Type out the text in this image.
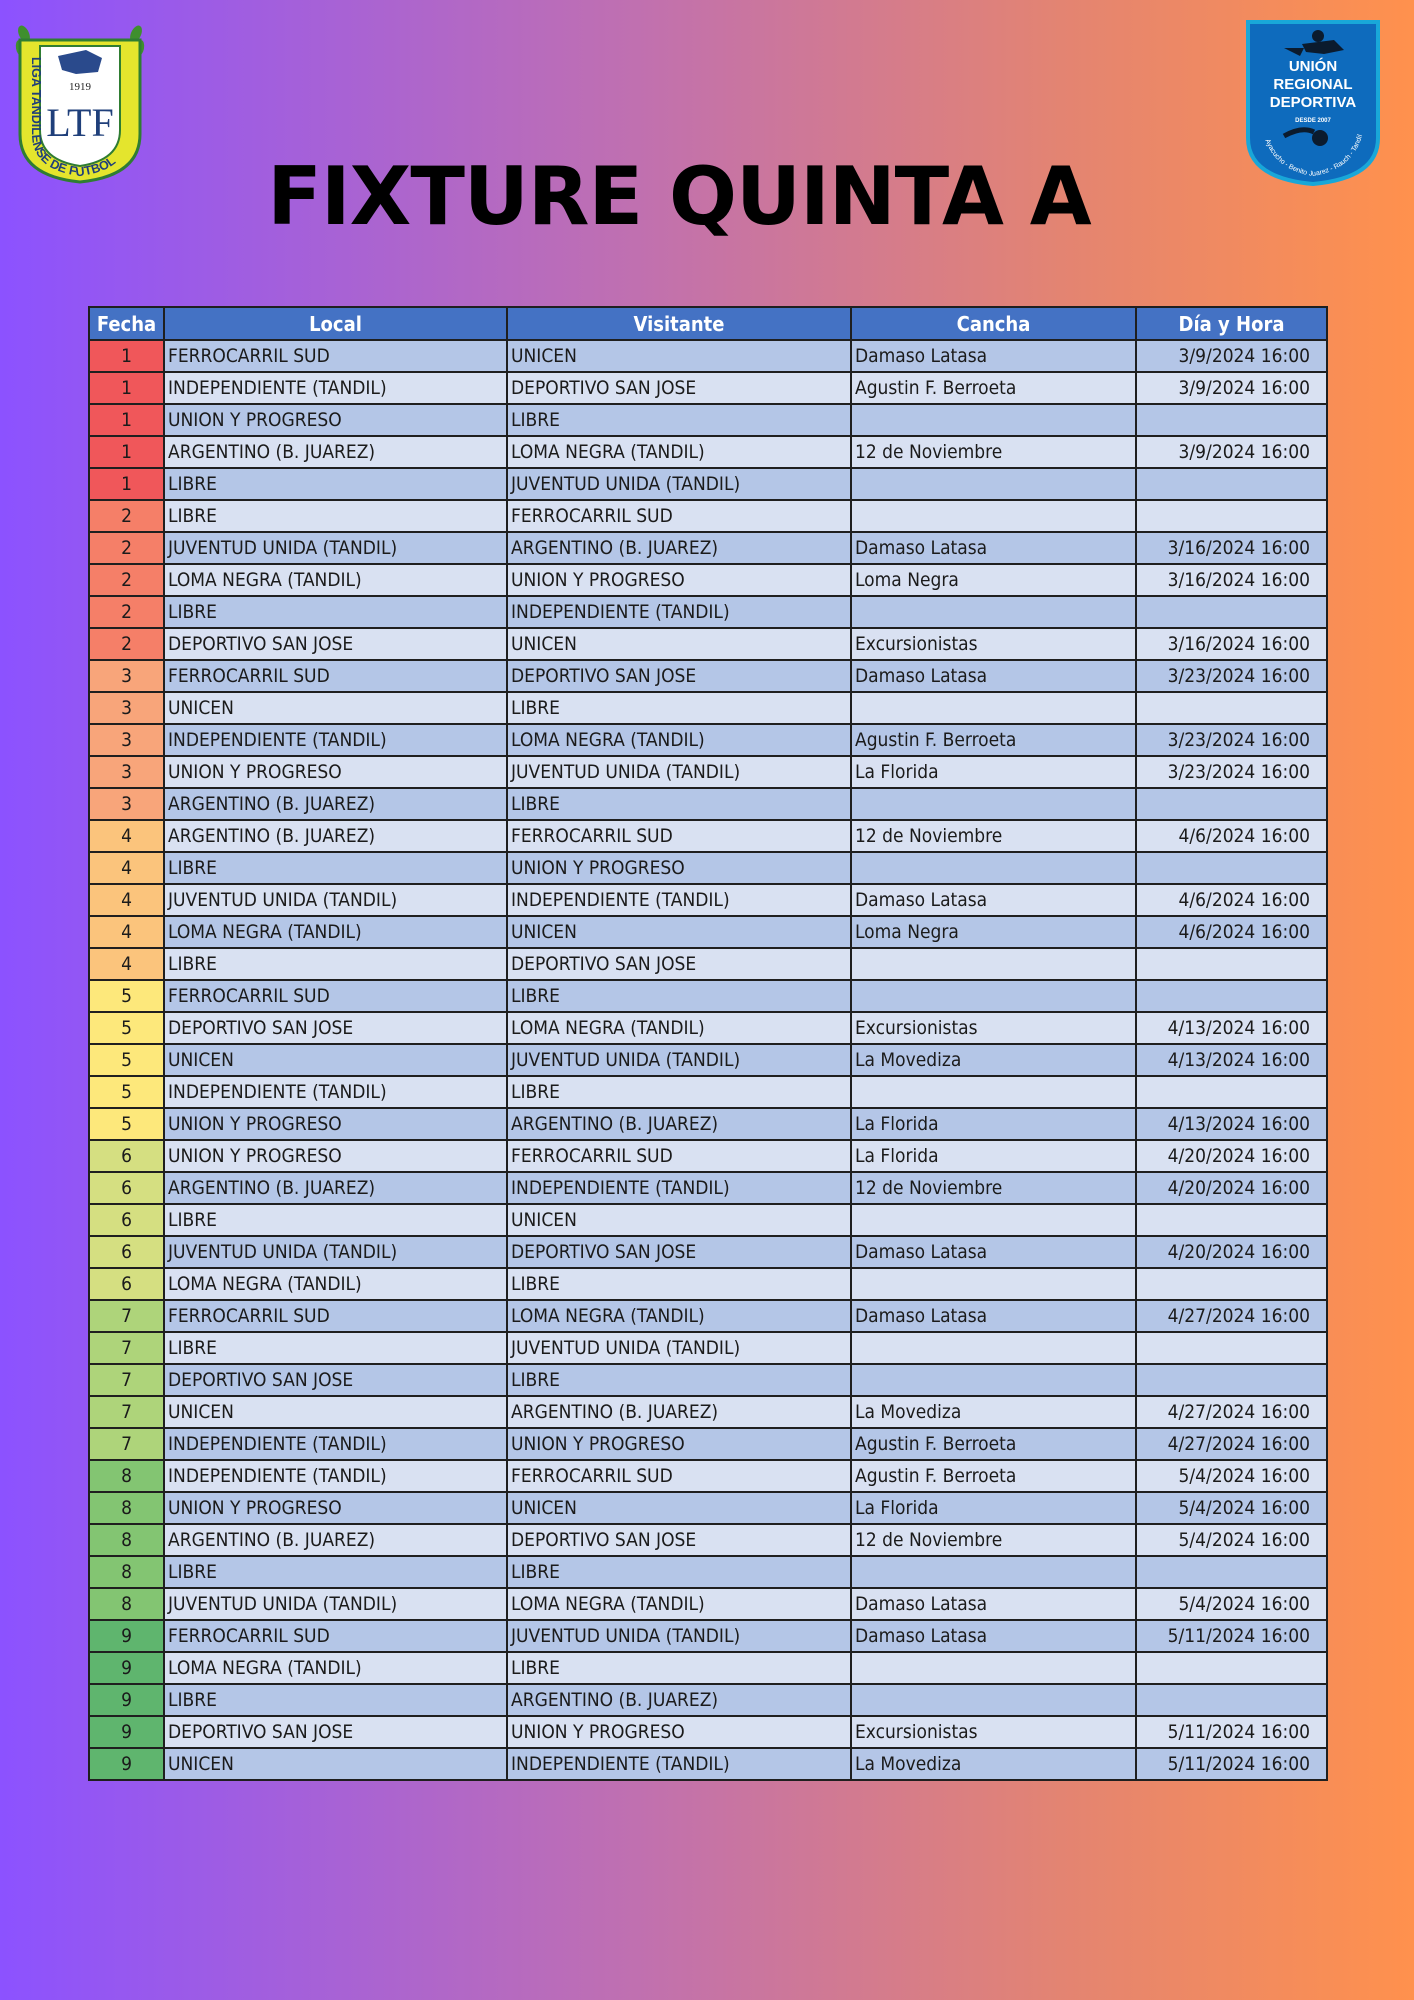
1919
LTF
LIGA TANDILENSE DE FUTBOL	FIXTURE QUINTA A
UNIÓN
REGIONAL
DEPORTIVA
DESDE 2007
Ayacucho - Benito Juarez - Rauch - Tandil
Fecha	Local	Visitante	Cancha	Día y Hora
1	FERROCARRIL SUD	UNICEN	Damaso Latasa	3/9/2024 16:00
1	INDEPENDIENTE (TANDIL)	DEPORTIVO SAN JOSE	Agustin F. Berroeta	3/9/2024 16:00
1	UNION Y PROGRESO	LIBRE		
1	ARGENTINO (B. JUAREZ)	LOMA NEGRA (TANDIL)	12 de Noviembre	3/9/2024 16:00
1	LIBRE	JUVENTUD UNIDA (TANDIL)		
2	LIBRE	FERROCARRIL SUD		
2	JUVENTUD UNIDA (TANDIL)	ARGENTINO (B. JUAREZ)	Damaso Latasa	3/16/2024 16:00
2	LOMA NEGRA (TANDIL)	UNION Y PROGRESO	Loma Negra	3/16/2024 16:00
2	LIBRE	INDEPENDIENTE (TANDIL)		
2	DEPORTIVO SAN JOSE	UNICEN	Excursionistas	3/16/2024 16:00
3	FERROCARRIL SUD	DEPORTIVO SAN JOSE	Damaso Latasa	3/23/2024 16:00
3	UNICEN	LIBRE		
3	INDEPENDIENTE (TANDIL)	LOMA NEGRA (TANDIL)	Agustin F. Berroeta	3/23/2024 16:00
3	UNION Y PROGRESO	JUVENTUD UNIDA (TANDIL)	La Florida	3/23/2024 16:00
3	ARGENTINO (B. JUAREZ)	LIBRE		
4	ARGENTINO (B. JUAREZ)	FERROCARRIL SUD	12 de Noviembre	4/6/2024 16:00
4	LIBRE	UNION Y PROGRESO		
4	JUVENTUD UNIDA (TANDIL)	INDEPENDIENTE (TANDIL)	Damaso Latasa	4/6/2024 16:00
4	LOMA NEGRA (TANDIL)	UNICEN	Loma Negra	4/6/2024 16:00
4	LIBRE	DEPORTIVO SAN JOSE		
5	FERROCARRIL SUD	LIBRE		
5	DEPORTIVO SAN JOSE	LOMA NEGRA (TANDIL)	Excursionistas	4/13/2024 16:00
5	UNICEN	JUVENTUD UNIDA (TANDIL)	La Movediza	4/13/2024 16:00
5	INDEPENDIENTE (TANDIL)	LIBRE		
5	UNION Y PROGRESO	ARGENTINO (B. JUAREZ)	La Florida	4/13/2024 16:00
6	UNION Y PROGRESO	FERROCARRIL SUD	La Florida	4/20/2024 16:00
6	ARGENTINO (B. JUAREZ)	INDEPENDIENTE (TANDIL)	12 de Noviembre	4/20/2024 16:00
6	LIBRE	UNICEN		
6	JUVENTUD UNIDA (TANDIL)	DEPORTIVO SAN JOSE	Damaso Latasa	4/20/2024 16:00
6	LOMA NEGRA (TANDIL)	LIBRE		
7	FERROCARRIL SUD	LOMA NEGRA (TANDIL)	Damaso Latasa	4/27/2024 16:00
7	LIBRE	JUVENTUD UNIDA (TANDIL)		
7	DEPORTIVO SAN JOSE	LIBRE		
7	UNICEN	ARGENTINO (B. JUAREZ)	La Movediza	4/27/2024 16:00
7	INDEPENDIENTE (TANDIL)	UNION Y PROGRESO	Agustin F. Berroeta	4/27/2024 16:00
8	INDEPENDIENTE (TANDIL)	FERROCARRIL SUD	Agustin F. Berroeta	5/4/2024 16:00
8	UNION Y PROGRESO	UNICEN	La Florida	5/4/2024 16:00
8	ARGENTINO (B. JUAREZ)	DEPORTIVO SAN JOSE	12 de Noviembre	5/4/2024 16:00
8	LIBRE	LIBRE		
8	JUVENTUD UNIDA (TANDIL)	LOMA NEGRA (TANDIL)	Damaso Latasa	5/4/2024 16:00
9	FERROCARRIL SUD	JUVENTUD UNIDA (TANDIL)	Damaso Latasa	5/11/2024 16:00
9	LOMA NEGRA (TANDIL)	LIBRE		
9	LIBRE	ARGENTINO (B. JUAREZ)		
9	DEPORTIVO SAN JOSE	UNION Y PROGRESO	Excursionistas	5/11/2024 16:00
9	UNICEN	INDEPENDIENTE (TANDIL)	La Movediza	5/11/2024 16:00
